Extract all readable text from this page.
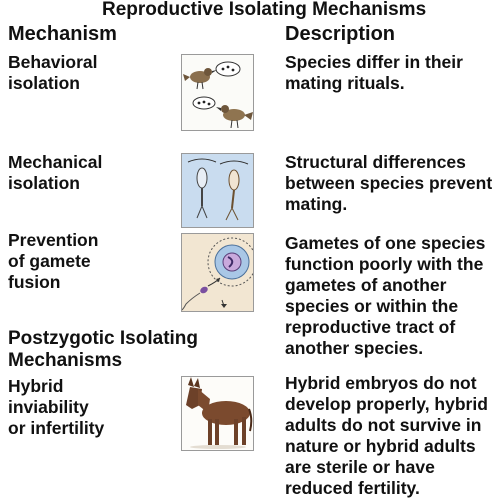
Reproductive Isolating Mechanisms
Mechanism	Description
Behavioral
isolation
Species differ in their
mating rituals.
Mechanical
isolation
Structural differences
between species prevent
mating.
Prevention
of gamete
fusion
Gametes of one species
function poorly with the
gametes of another
species or within the
reproductive tract of
another species.
Postzygotic Isolating
Mechanisms
Hybrid
inviability
or infertility
Hybrid embryos do not
develop properly, hybrid
adults do not survive in
nature or hybrid adults
are sterile or have
reduced fertility.
